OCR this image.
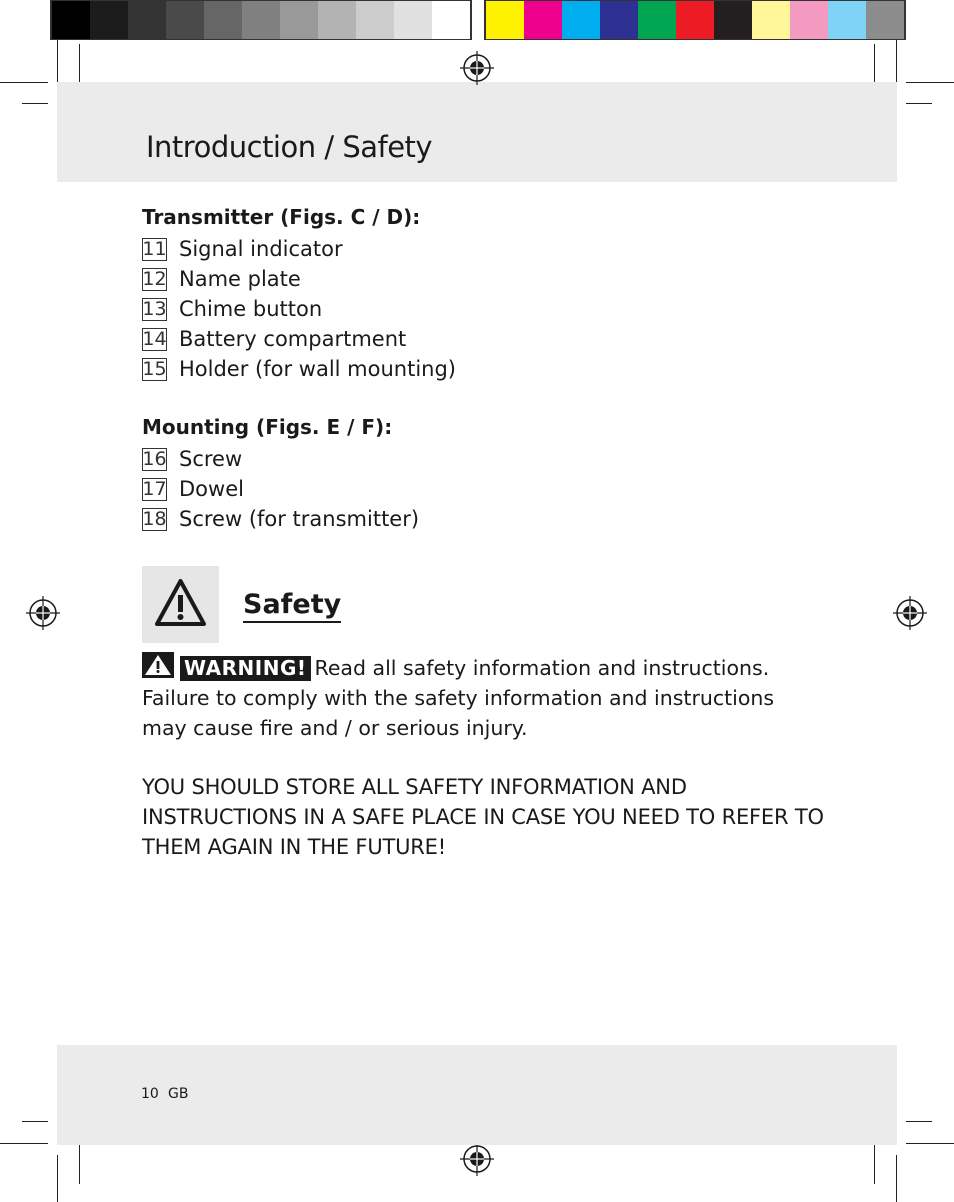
Introduction / Safety
Transmitter (Figs. C / D):
11 Signal indicator
12 Name plate
13 Chime button
14 Battery compartment
15 Holder (for wall mounting)
Mounting (Figs. E / F):
16 Screw
17 Dowel
18 Screw (for transmitter)
Safety
WARNING! Read all safety information and instructions. Failure to comply with the safety information and instructions may cause fire and / or serious injury.
YOU SHOULD STORE ALL SAFETY INFORMATION AND INSTRUCTIONS IN A SAFE PLACE IN CASE YOU NEED TO REFER TO THEM AGAIN IN THE FUTURE!
10 GB
